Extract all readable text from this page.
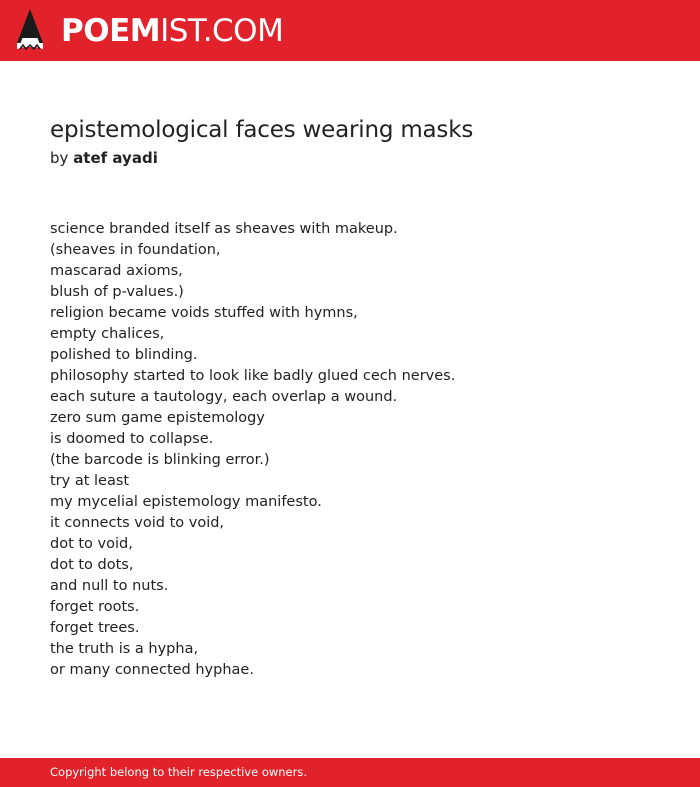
POEMIST.COM
epistemological faces wearing masks
by atef ayadi
science branded itself as sheaves with makeup.
(sheaves in foundation,
mascarad axioms,
blush of p-values.)
religion became voids stuffed with hymns,
empty chalices,
polished to blinding.
philosophy started to look like badly glued cech nerves.
each suture a tautology, each overlap a wound.
zero sum game epistemology
is doomed to collapse.
(the barcode is blinking error.)
try at least
my mycelial epistemology manifesto.
it connects void to void,
dot to void,
dot to dots,
and null to nuts.
forget roots.
forget trees.
the truth is a hypha,
or many connected hyphae.
Copyright belong to their respective owners.
